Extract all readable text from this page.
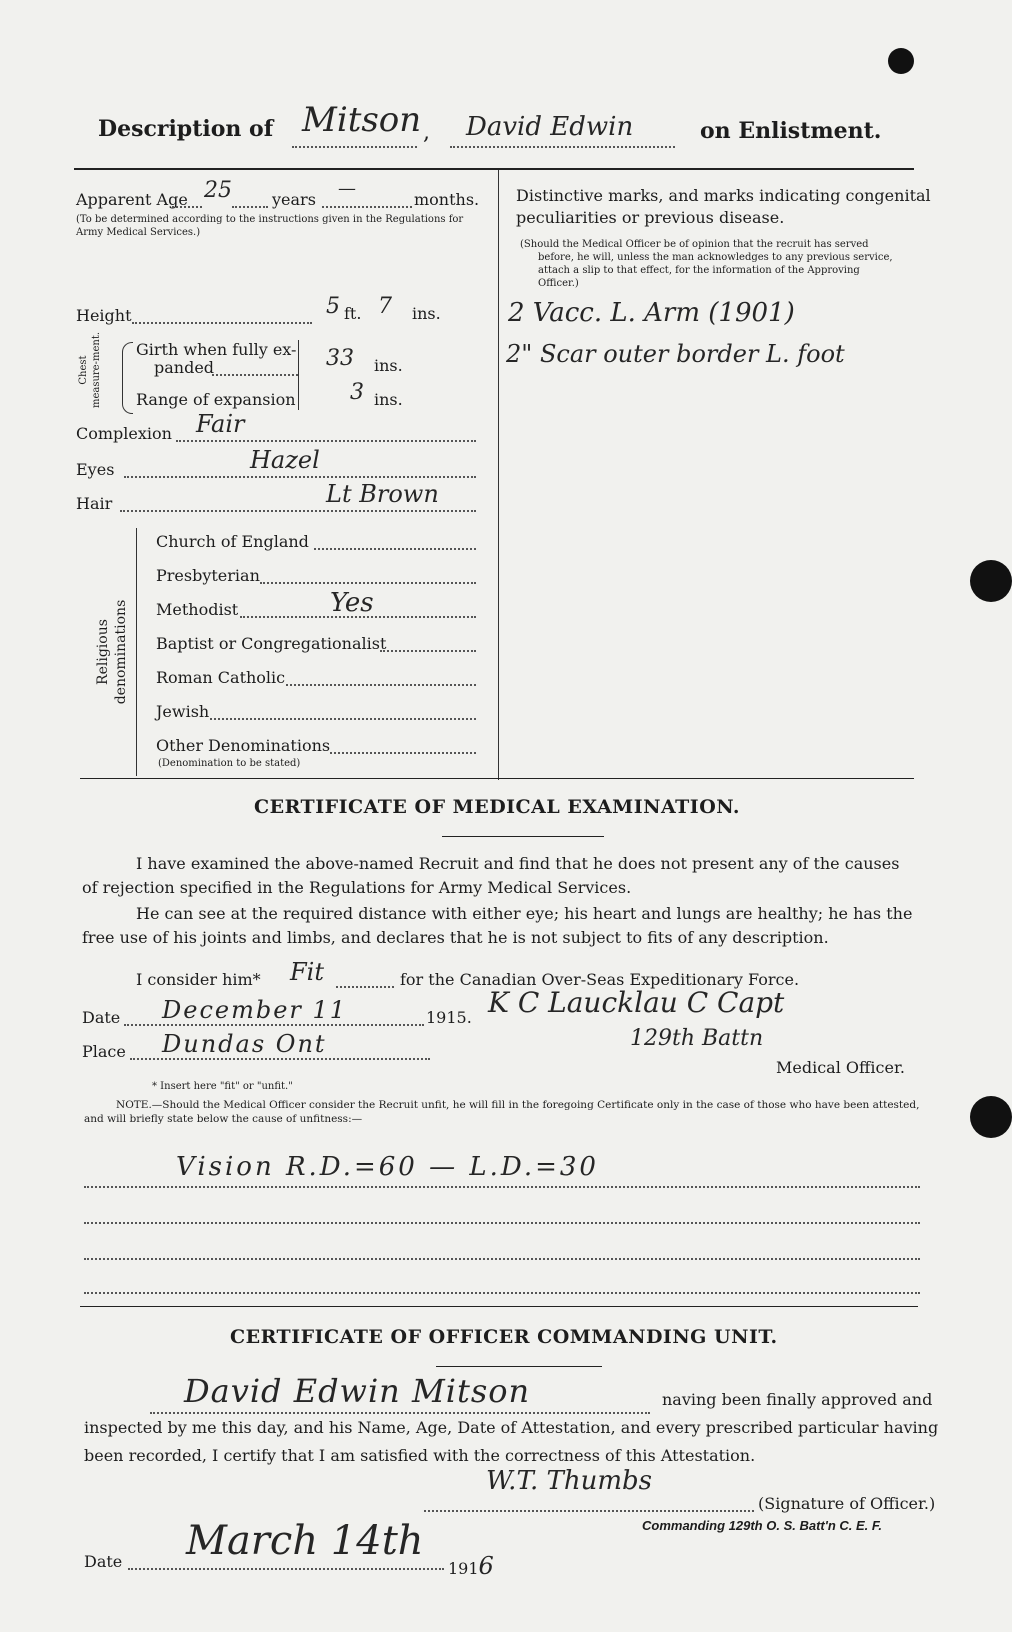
Description of Mitson , David Edwin	on Enlistment.
Apparent Age 25	years
—
months.
(To be determined according to the instructions given in the Regulations for Army Medical Services.)
Height	5 ft. 7 ins.
Chest measure-ment. Girth when fully ex-
panded	33 ins.
Range of expansion 3 ins.
Complexion Fair
Eyes	Hazel
Hair	Lt Brown
Religious denominations
Church of England
Presbyterian
Methodist	Yes
Baptist or Congregationalist
Roman Catholic
Jewish
Other Denominations
(Denomination to be stated)
Distinctive marks, and marks indicating congenital
peculiarities or previous disease.
(Should the Medical Officer be of opinion that the recruit has served
before, he will, unless the man acknowledges to any previous service,
attach a slip to that effect, for the information of the Approving
Officer.)
2 Vacc. L. Arm (1901)
2" Scar outer border L. foot
CERTIFICATE OF MEDICAL EXAMINATION.
I have examined the above-named Recruit and find that he does not present any of the causes of rejection specified in the Regulations for Army Medical Services.
He can see at the required distance with either eye; his heart and lungs are healthy; he has the free use of his joints and limbs, and declares that he is not subject to fits of any description.
I consider him* Fit	for the Canadian Over-Seas Expeditionary Force.
Date December 11	1915. K C Laucklau C Capt
129th Battn
Place Dundas Ont
Medical Officer.
* Insert here "fit" or "unfit."
NOTE.—Should the Medical Officer consider the Recruit unfit, he will fill in the foregoing Certificate only in the case of those who have been attested, and will briefly state below the cause of unfitness:—
Vision R.D.=60 — L.D.=30
CERTIFICATE OF OFFICER COMMANDING UNIT.
David Edwin Mitson	naving been finally approved and
inspected by me this day, and his Name, Age, Date of Attestation, and every prescribed particular having
been recorded, I certify that I am satisfied with the correctness of this Attestation.
W.T. Thumbs
(Signature of Officer.)
Commanding 129th O. S. Batt'n C. E. F.
Date March 14th
1916
